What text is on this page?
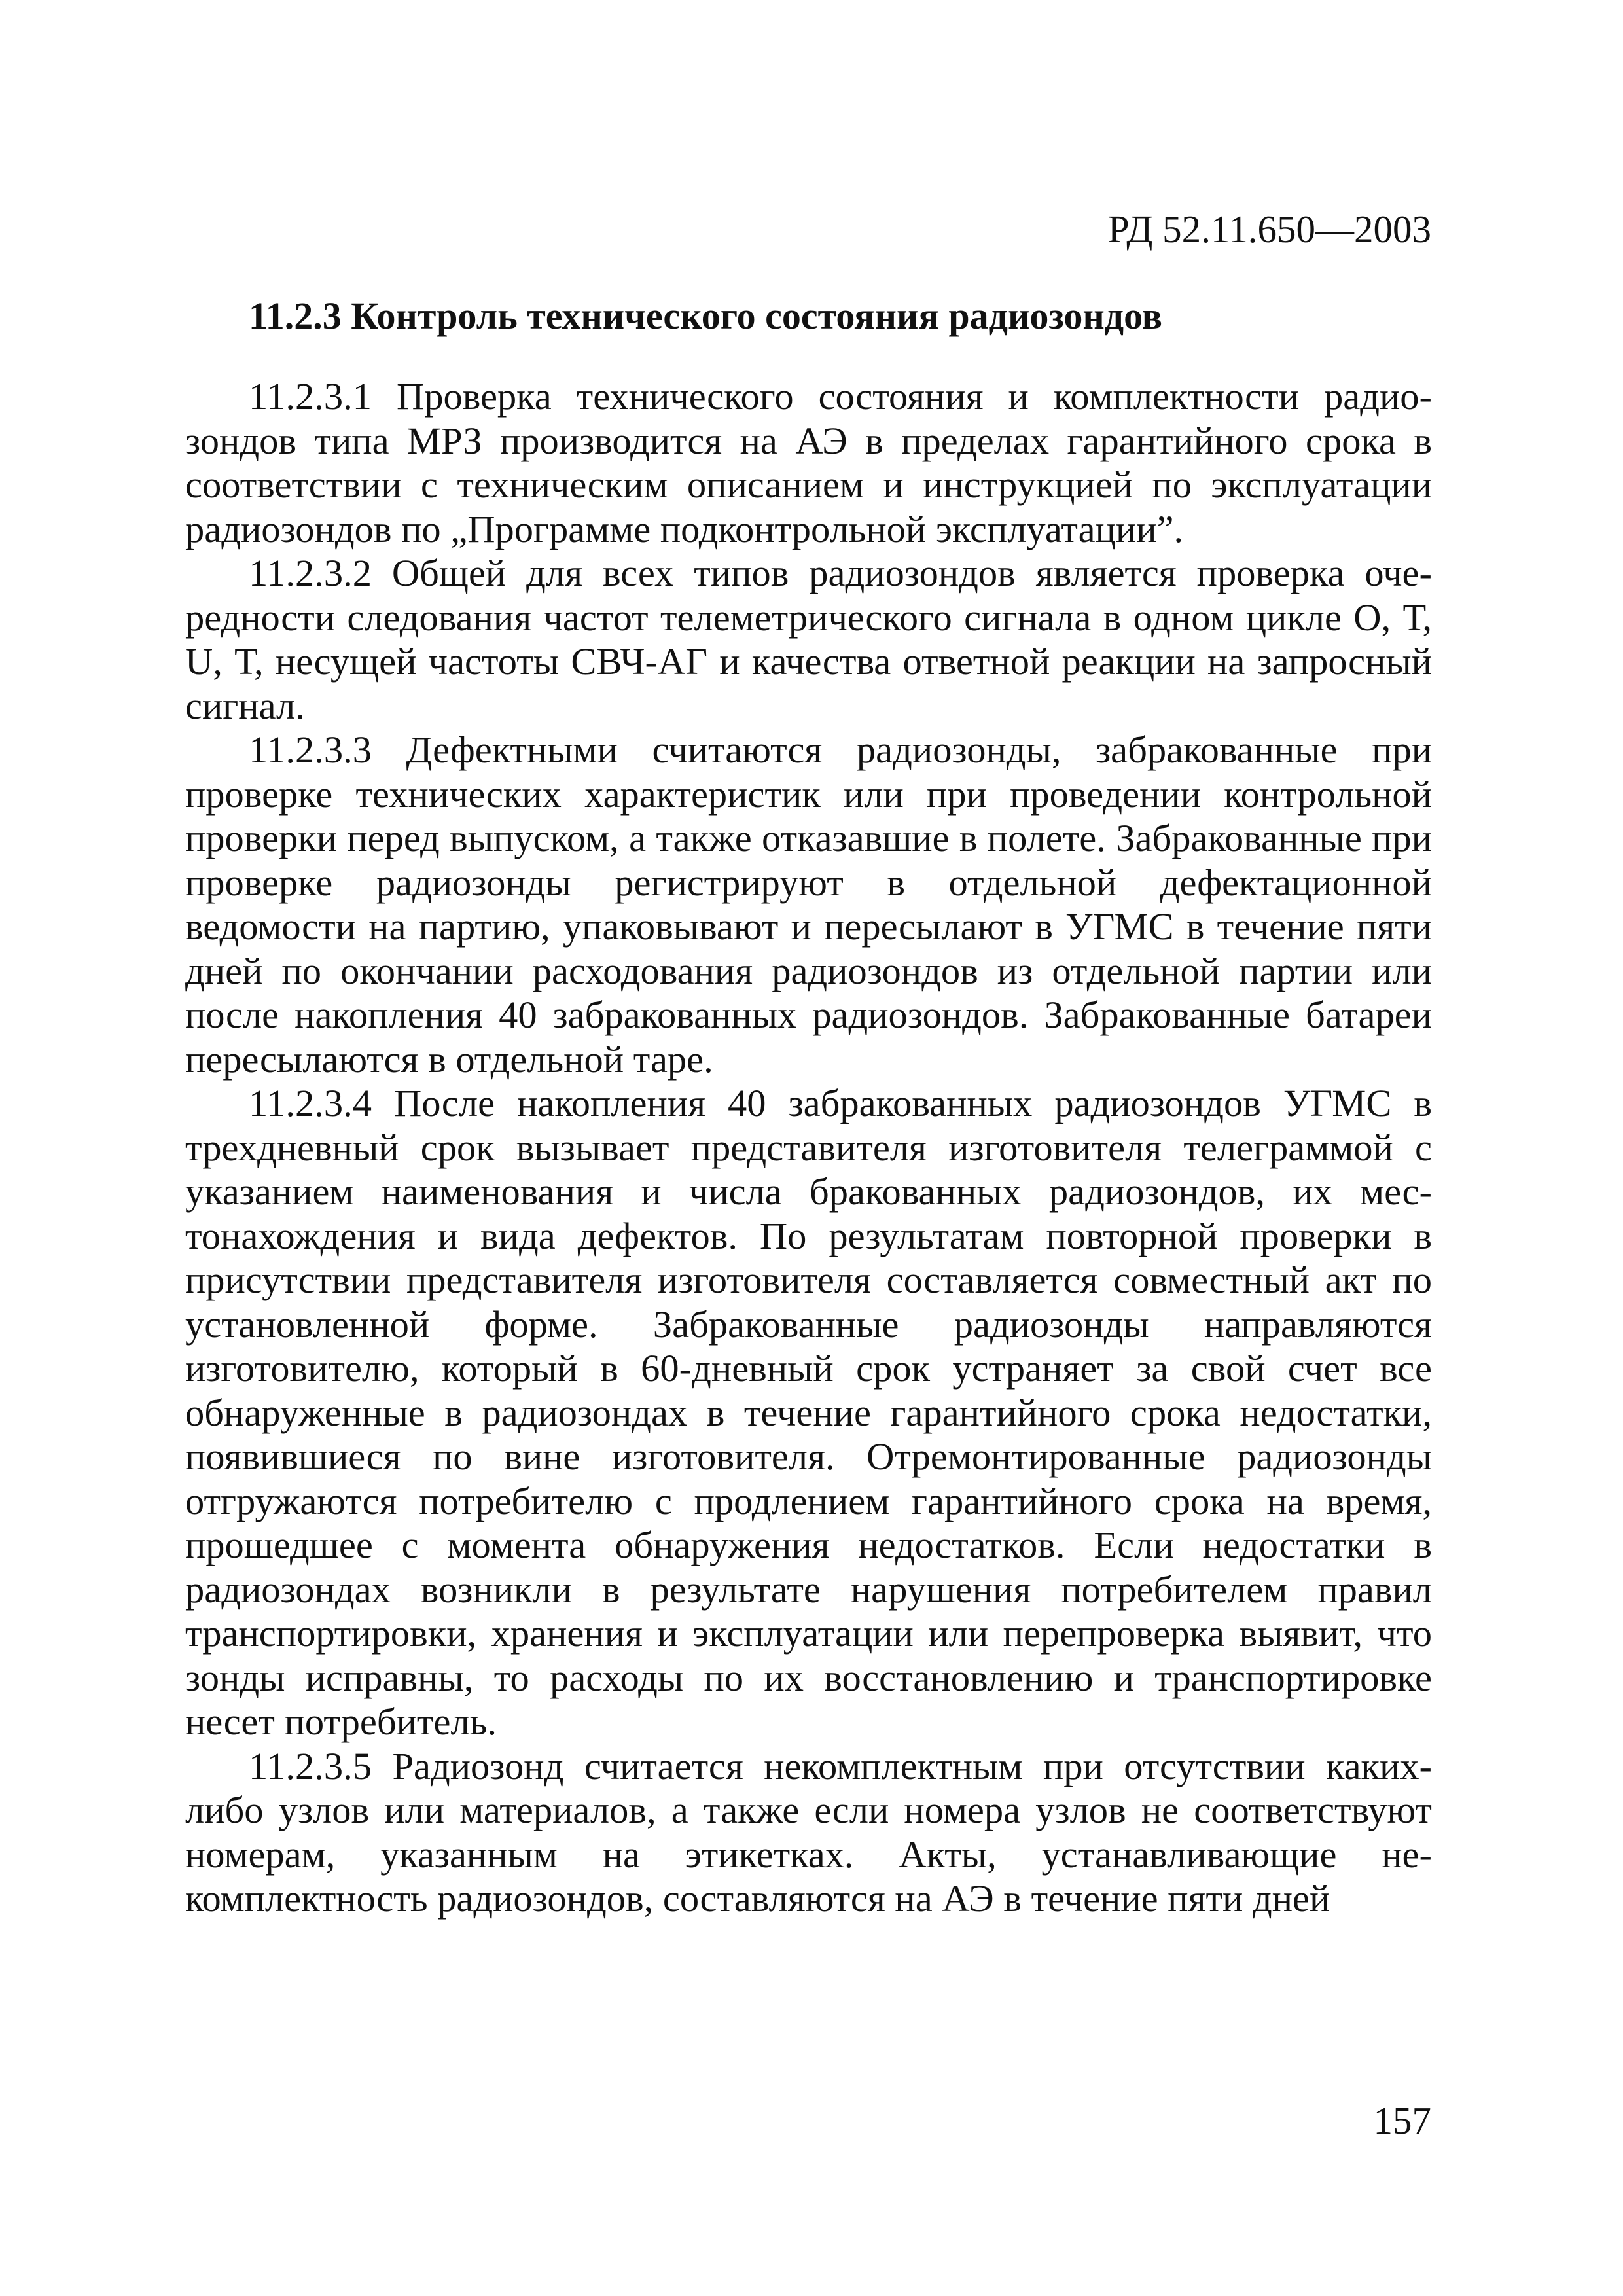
РД 52.11.650—2003
11.2.3 Контроль технического состояния радиозондов

11.2.3.1 Проверка технического состояния и комплектности радиозондов типа МРЗ производится на АЭ в пределах гарантийного срока в соответствии с техническим описанием и инструкцией по эксплуатации радиозондов по „Программе подконтрольной эксплуатации”.

11.2.3.2 Общей для всех типов радиозондов является проверка очередности следования частот телеметрического сигнала в одном цикле О, Т, U, Т, несущей частоты СВЧ-АГ и качества ответной реакции на запросный сигнал.

11.2.3.3 Дефектными считаются радиозонды, забракованные при проверке технических характеристик или при проведении контрольной проверки перед выпуском, а также отказавшие в полете. Забракованные при проверке радиозонды регистрируют в отдельной дефектационной ведомости на партию, упаковывают и пересылают в УГМС в течение пяти дней по окончании расходования радиозондов из отдельной партии или после накопления 40 забракованных радиозондов. Забракованные батареи пересылаются в отдельной таре.

11.2.3.4 После накопления 40 забракованных радиозондов УГМС в трехдневный срок вызывает представителя изготовителя телеграммой с указанием наименования и числа бракованных радиозондов, их местонахождения и вида дефектов. По результатам повторной проверки в присутствии представителя изготовителя составляется совместный акт по установленной форме. Забракованные радиозонды направляются изготовителю, который в 60-дневный срок устраняет за свой счет все обнаруженные в радиозондах в течение гарантийного срока недостатки, появившиеся по вине изготовителя. Отремонтированные радиозонды отгружаются потребителю с продлением гарантийного срока на время, прошедшее с момента обнаружения недостатков. Если недостатки в радиозондах возникли в результате нарушения потребителем правил транспортировки, хранения и эксплуатации или перепроверка выявит, что зонды исправны, то расходы по их восстановлению и транспортировке несет потребитель.

11.2.3.5 Радиозонд считается некомплектным при отсутствии каких-либо узлов или материалов, а также если номера узлов не соответствуют номерам, указанным на этикетках. Акты, устанавливающие некомплектность радиозондов, составляются на АЭ в течение пяти дней

157
